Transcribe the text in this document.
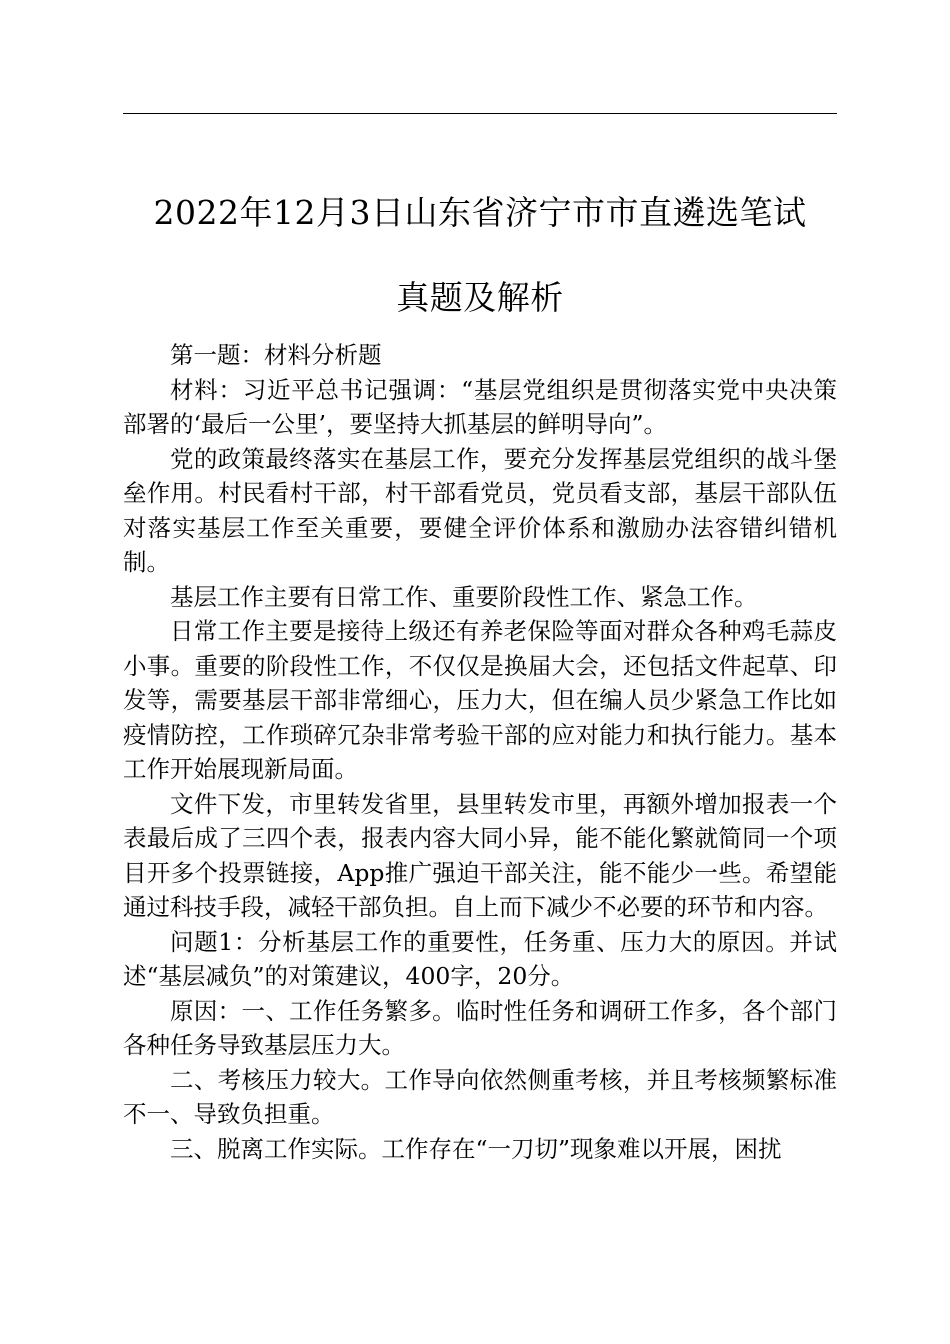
2022年12月3日山东省济宁市市直遴选笔试
真题及解析

第一题：材料分析题

材料：习近平总书记强调：“基层党组织是贯彻落实党中央决策部署的‘最后一公里’，要坚持大抓基层的鲜明导向”。

党的政策最终落实在基层工作，要充分发挥基层党组织的战斗堡垒作用。村民看村干部，村干部看党员，党员看支部，基层干部队伍对落实基层工作至关重要，要健全评价体系和激励办法容错纠错机制。

基层工作主要有日常工作、重要阶段性工作、紧急工作。

日常工作主要是接待上级还有养老保险等面对群众各种鸡毛蒜皮小事。重要的阶段性工作，不仅仅是换届大会，还包括文件起草、印发等，需要基层干部非常细心，压力大，但在编人员少紧急工作比如疫情防控，工作琐碎冗杂非常考验干部的应对能力和执行能力。基本工作开始展现新局面。

文件下发，市里转发省里，县里转发市里，再额外增加报表一个表最后成了三四个表，报表内容大同小异，能不能化繁就简同一个项目开多个投票链接，App推广强迫干部关注，能不能少一些。希望能通过科技手段，减轻干部负担。自上而下减少不必要的环节和内容。

问题1：分析基层工作的重要性，任务重、压力大的原因。并试述“基层减负”的对策建议，400字，20分。

原因：一、工作任务繁多。临时性任务和调研工作多，各个部门各种任务导致基层压力大。

二、考核压力较大。工作导向依然侧重考核，并且考核频繁标准不一、导致负担重。

三、脱离工作实际。工作存在“一刀切”现象难以开展，困扰
